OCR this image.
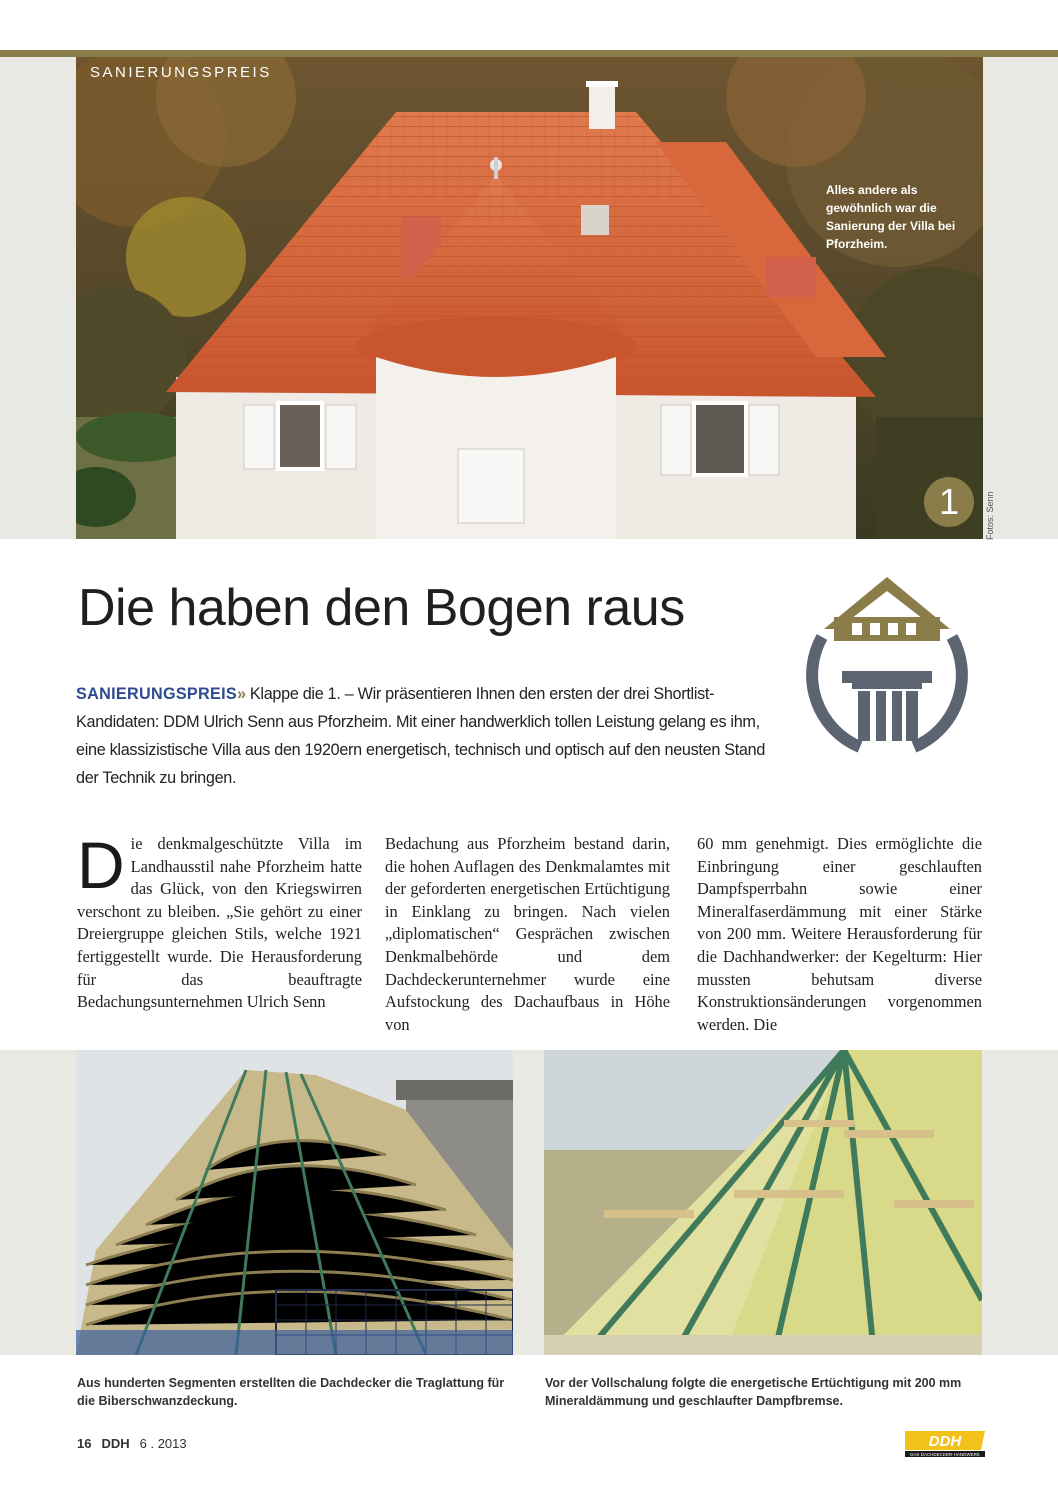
SANIERUNGSPREIS
Alles andere als gewöhnlich war die Sanierung der Villa bei Pforzheim.
1	Fotos: Senn
Die haben den Bogen raus

SANIERUNGSPREIS» Klappe die 1. – Wir präsentieren Ihnen den ersten der drei Shortlist-Kandidaten: DDM Ulrich Senn aus Pforzheim. Mit einer handwerklich tollen Leistung gelang es ihm, eine klassizistische Villa aus den 1920ern energetisch, technisch und optisch auf den neusten Stand der Technik zu bringen.

Die denkmalgeschützte Villa im Landhausstil nahe Pforzheim hatte das Glück, von den Kriegswirren verschont zu bleiben. „Sie gehört zu einer Dreiergruppe gleichen Stils, welche 1921 fertiggestellt wurde. Die Herausforderung für das beauftragte Bedachungsunternehmen Ulrich Senn
Bedachung aus Pforzheim bestand darin, die hohen Auflagen des Denkmalamtes mit der geforderten energetischen Ertüchtigung in Einklang zu bringen. Nach vielen „diplomatischen“ Gesprächen zwischen Denkmalbehörde und dem Dachdeckerunternehmer wurde eine Aufstockung des Dachaufbaus in Höhe von
60 mm genehmigt. Dies ermöglichte die Einbringung einer geschlauften Dampfsperrbahn sowie einer Mineralfaserdämmung mit einer Stärke von 200 mm. Weitere Herausforderung für die Dachhandwerker: der Kegelturm: Hier mussten behutsam diverse Konstruktionsänderungen vorgenommen werden. Die
Aus hunderten Segmenten erstellten die Dachdecker die Traglattung für die Biberschwanzdeckung.
Vor der Vollschalung folgte die energetische Ertüchtigung mit 200 mm Mineraldämmung und geschlaufter Dampfbremse.
16 DDH 6 . 2013	DDH
DAS DACHDECKER-HANDWERK
